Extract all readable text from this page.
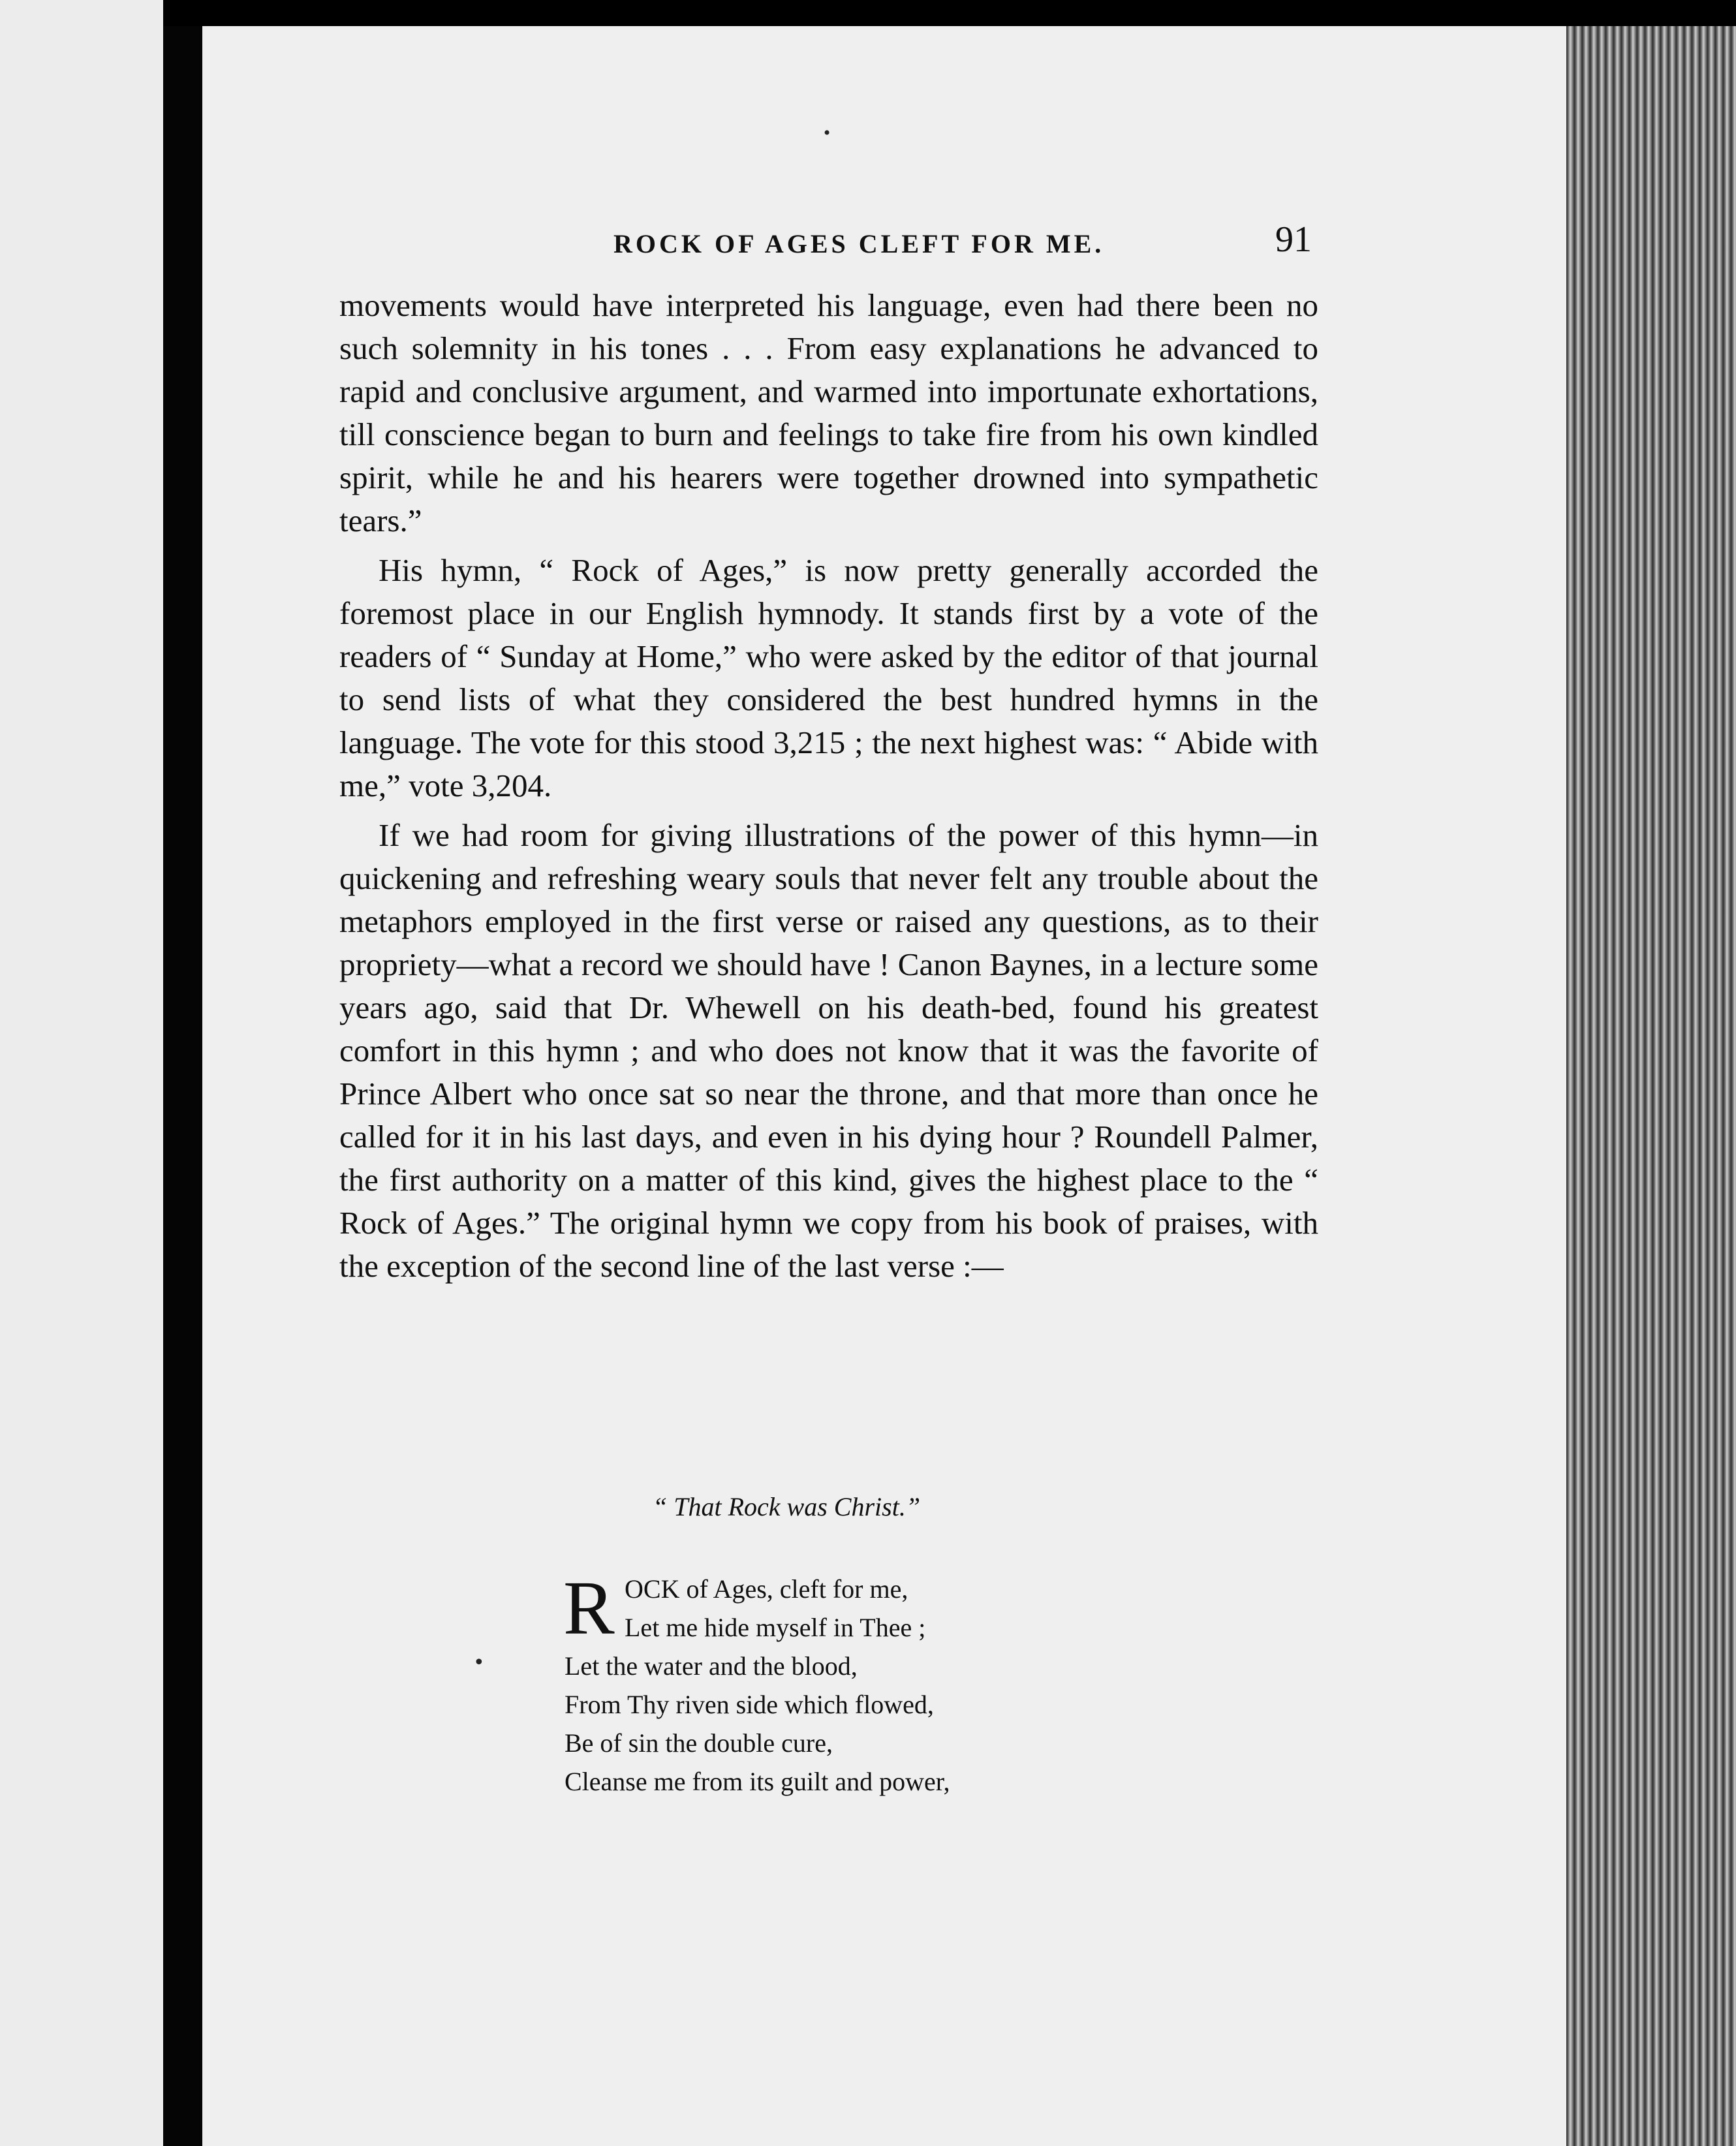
ROCK OF AGES CLEFT FOR ME.	91

movements would have interpreted his language, even had there been no such solemnity in his tones . . . From easy explanations he advanced to rapid and conclusive argument, and warmed into importunate exhortations, till conscience began to burn and feelings to take fire from his own kindled spirit, while he and his hearers were together drowned into sympathetic tears.”

His hymn, “ Rock of Ages,” is now pretty generally accorded the foremost place in our English hymnody. It stands first by a vote of the readers of “ Sunday at Home,” who were asked by the editor of that journal to send lists of what they considered the best hundred hymns in the language. The vote for this stood 3,215 ; the next highest was: “ Abide with me,” vote 3,204.

If we had room for giving illustrations of the power of this hymn—in quickening and refreshing weary souls that never felt any trouble about the metaphors employed in the first verse or raised any questions, as to their propriety—what a record we should have ! Canon Baynes, in a lecture some years ago, said that Dr. Whewell on his death-bed, found his greatest comfort in this hymn ; and who does not know that it was the favorite of Prince Albert who once sat so near the throne, and that more than once he called for it in his last days, and even in his dying hour ? Roundell Palmer, the first authority on a matter of this kind, gives the highest place to the “ Rock of Ages.” The original hymn we copy from his book of praises, with the exception of the second line of the last verse :—

“ That Rock was Christ.”
R OCK of Ages, cleft for me,
Let me hide myself in Thee ;
Let the water and the blood,
From Thy riven side which flowed,
Be of sin the double cure,
Cleanse me from its guilt and power,
•
•
